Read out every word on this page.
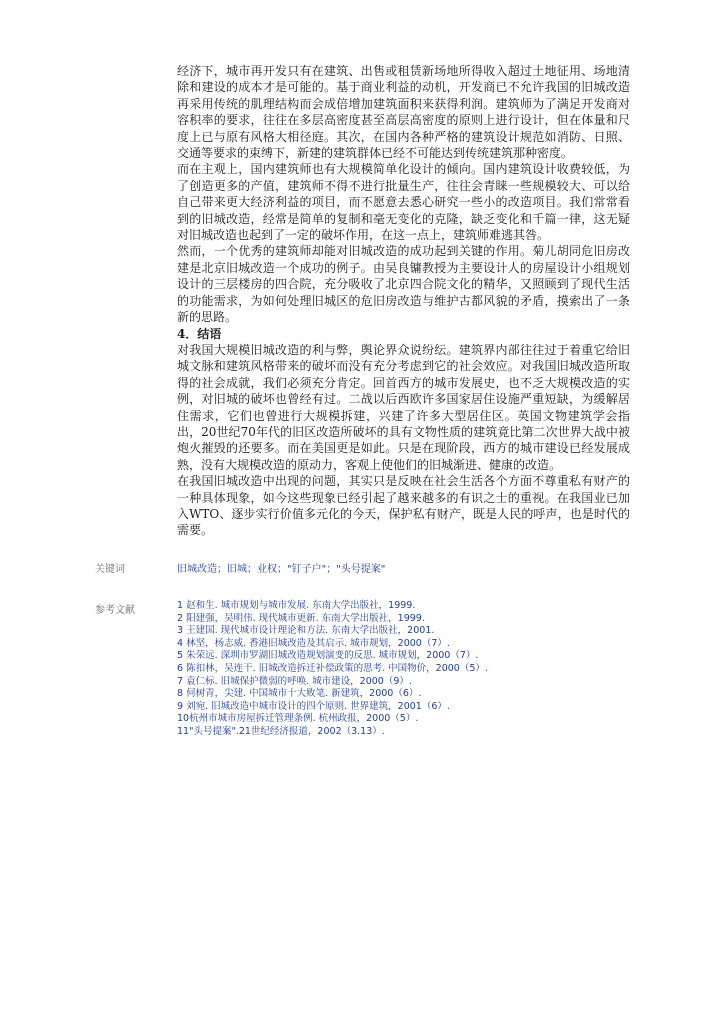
经济下，城市再开发只有在建筑、出售或租赁新场地所得收入超过土地征用、场地清除和建设的成本才是可能的。基于商业利益的动机，开发商已不允许我国的旧城改造再采用传统的肌理结构而会成倍增加建筑面积来获得利润。建筑师为了满足开发商对容积率的要求，往往在多层高密度甚至高层高密度的原则上进行设计，但在体量和尺度上已与原有风格大相径庭。其次，在国内各种严格的建筑设计规范如消防、日照、交通等要求的束缚下，新建的建筑群体已经不可能达到传统建筑那种密度。

而在主观上，国内建筑师也有大规模简单化设计的倾向。国内建筑设计收费较低，为了创造更多的产值，建筑师不得不进行批量生产，往往会青睐一些规模较大、可以给自己带来更大经济利益的项目，而不愿意去悉心研究一些小的改造项目。我们常常看到的旧城改造，经常是简单的复制和毫无变化的克隆，缺乏变化和千篇一律，这无疑对旧城改造也起到了一定的破坏作用，在这一点上，建筑师难逃其咎。

然而，一个优秀的建筑师却能对旧城改造的成功起到关键的作用。菊儿胡同危旧房改建是北京旧城改造一个成功的例子。由吴良镛教授为主要设计人的房屋设计小组规划设计的三层楼房的四合院，充分吸收了北京四合院文化的精华，又照顾到了现代生活的功能需求，为如何处理旧城区的危旧房改造与维护古都风貌的矛盾，摸索出了一条新的思路。

4．结语

对我国大规模旧城改造的利与弊，舆论界众说纷纭。建筑界内部往往过于着重它给旧城文脉和建筑风格带来的破坏而没有充分考虑到它的社会效应。对我国旧城改造所取得的社会成就，我们必须充分肯定。回首西方的城市发展史，也不乏大规模改造的实例，对旧城的破坏也曾经有过。二战以后西欧许多国家居住设施严重短缺，为缓解居住需求，它们也曾进行大规模拆建，兴建了许多大型居住区。英国文物建筑学会指出，20世纪70年代的旧区改造所破坏的具有文物性质的建筑竟比第二次世界大战中被炮火摧毁的还要多。而在美国更是如此。只是在现阶段，西方的城市建设已经发展成熟，没有大规模改造的原动力，客观上使他们的旧城渐进、健康的改造。

在我国旧城改造中出现的问题，其实只是反映在社会生活各个方面不尊重私有财产的一种具体现象，如今这些现象已经引起了越来越多的有识之士的重视。在我国业已加入WTO、逐步实行价值多元化的今天，保护私有财产，既是人民的呼声，也是时代的需要。

关键词	旧城改造；旧城；业权；"钉子户"；"头号提案"
参考文献	1 赵和生. 城市规划与城市发展. 东南大学出版社，1999.
2 阳建强，吴明伟. 现代城市更新. 东南大学出版社，1999.
3 王建国. 现代城市设计理论和方法. 东南大学出版社，2001.
4 林坚，杨志威. 香港旧城改造及其启示. 城市规划，2000（7）.
5 朱荣远. 深圳市罗湖旧城改造规划演变的反思. 城市规划，2000（7）.
6 陈扣林，吴连干. 旧城改造拆迁补偿政策的思考. 中国物价，2000（5）.
7 袁仁标. 旧城保护微弱的呼唤. 城市建设，2000（9）.
8 何树青，尖建. 中国城市十大败笔. 新建筑，2000（6）.
9 刘宛. 旧城改造中城市设计的四个原则. 世界建筑，2001（6）.
10杭州市城市房屋拆迁管理条例. 杭州政报，2000（5）.
11"头号提案".21世纪经济报道，2002（3.13）.
